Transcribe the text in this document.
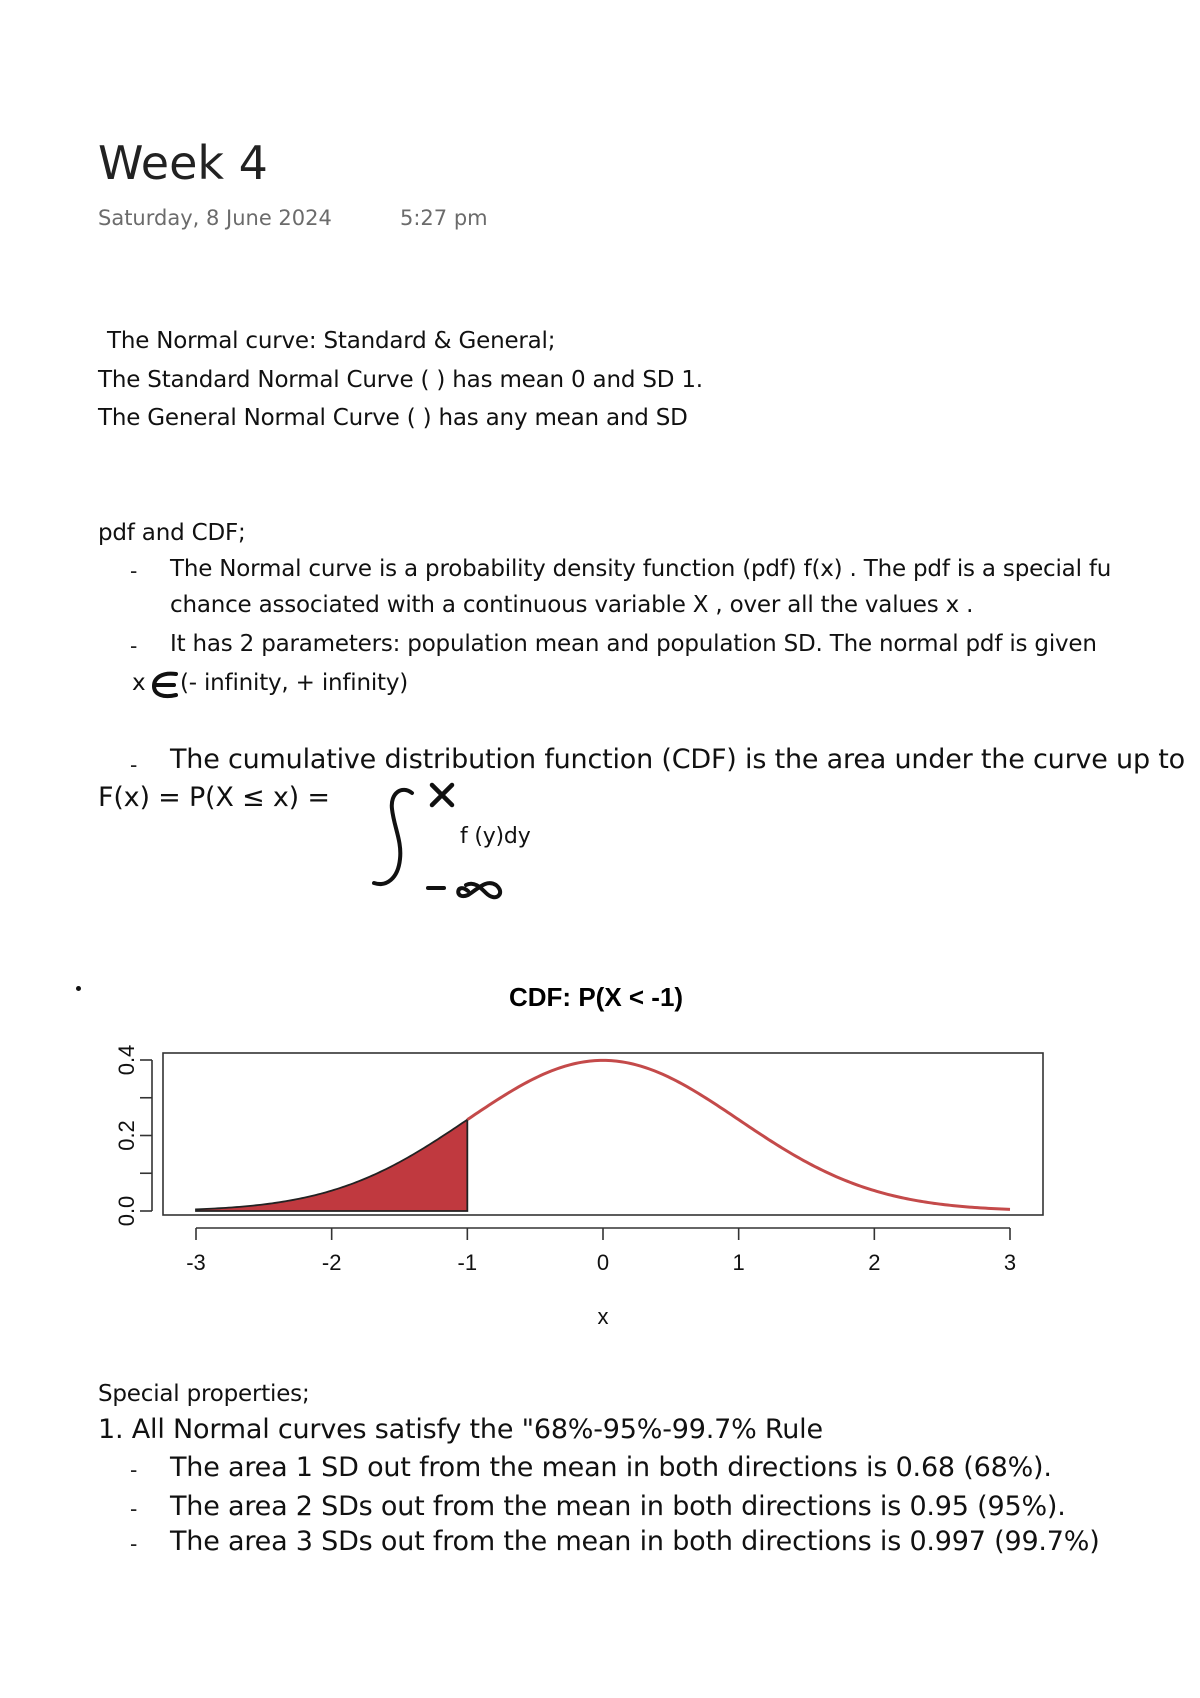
Week 4
Saturday, 8 June 2024	5:27 pm
The Normal curve: Standard & General;
The Standard Normal Curve ( ) has mean 0 and SD 1.
The General Normal Curve ( ) has any mean and SD
pdf and CDF;
- The Normal curve is a probability density function (pdf) f(x) . The pdf is a special fu
chance associated with a continuous variable X , over all the values x .
- It has 2 parameters: population mean and population SD. The normal pdf is given
x (- infinity, + infinity)
- The cumulative distribution function (CDF) is the area under the curve up to
F(x) = P(X ≤ x) =
f (y)dy
CDF: P(X < -1)
-3	-2	-1	0	1	2	3
x
0.0
0.2
0.4
Special properties;
1. All Normal curves satisfy the "68%-95%-99.7% Rule
- The area 1 SD out from the mean in both directions is 0.68 (68%).
- The area 2 SDs out from the mean in both directions is 0.95 (95%).
- The area 3 SDs out from the mean in both directions is 0.997 (99.7%)
